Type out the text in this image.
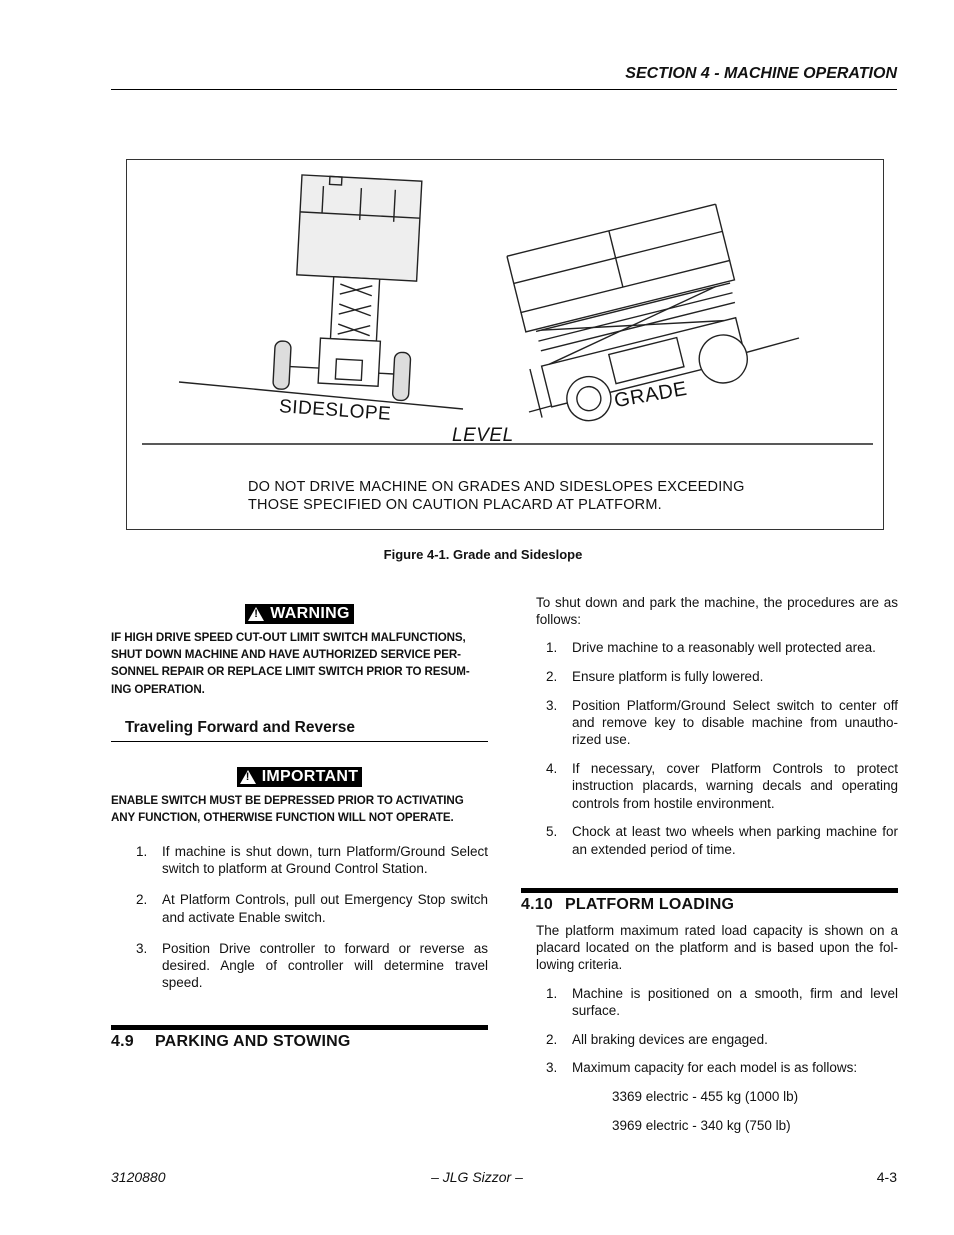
SECTION 4 - MACHINE OPERATION
SIDESLOPE	GRADE
LEVEL
DO NOT DRIVE MACHINE ON GRADES AND SIDESLOPES EXCEEDING
THOSE SPECIFIED ON CAUTION PLACARD AT PLATFORM.
Figure 4-1. Grade and Sideslope
!
WARNING
IF HIGH DRIVE SPEED CUT-OUT LIMIT SWITCH MALFUNCTIONS,
SHUT DOWN MACHINE AND HAVE AUTHORIZED SERVICE PER-
SONNEL REPAIR OR REPLACE LIMIT SWITCH PRIOR TO RESUM-
ING OPERATION.
Traveling Forward and Reverse
!
IMPORTANT
ENABLE SWITCH MUST BE DEPRESSED PRIOR TO ACTIVATING
ANY FUNCTION, OTHERWISE FUNCTION WILL NOT OPERATE.
1. If machine is shut down, turn Platform/Ground Select switch to platform at Ground Control Station.
2. At Platform Controls, pull out Emergency Stop switch and activate Enable switch.
3. Position Drive controller to forward or reverse as desired. Angle of controller will determine travel speed.
4.9 PARKING AND STOWING
To shut down and park the machine, the procedures are as follows:
1. Drive machine to a reasonably well protected area.
2. Ensure platform is fully lowered.
3. Position Platform/Ground Select switch to center off and remove key to disable machine from unautho-rized use.
4. If necessary, cover Platform Controls to protect instruction placards, warning decals and operating controls from hostile environment.
5. Chock at least two wheels when parking machine for an extended period of time.
4.10 PLATFORM LOADING
The platform maximum rated load capacity is shown on a placard located on the platform and is based upon the fol-lowing criteria.
1. Machine is positioned on a smooth, firm and level surface.
2. All braking devices are engaged.
3. Maximum capacity for each model is as follows:
3369 electric - 455 kg (1000 lb)
3969 electric - 340 kg (750 lb)
3120880	– JLG Sizzor –	4-3
